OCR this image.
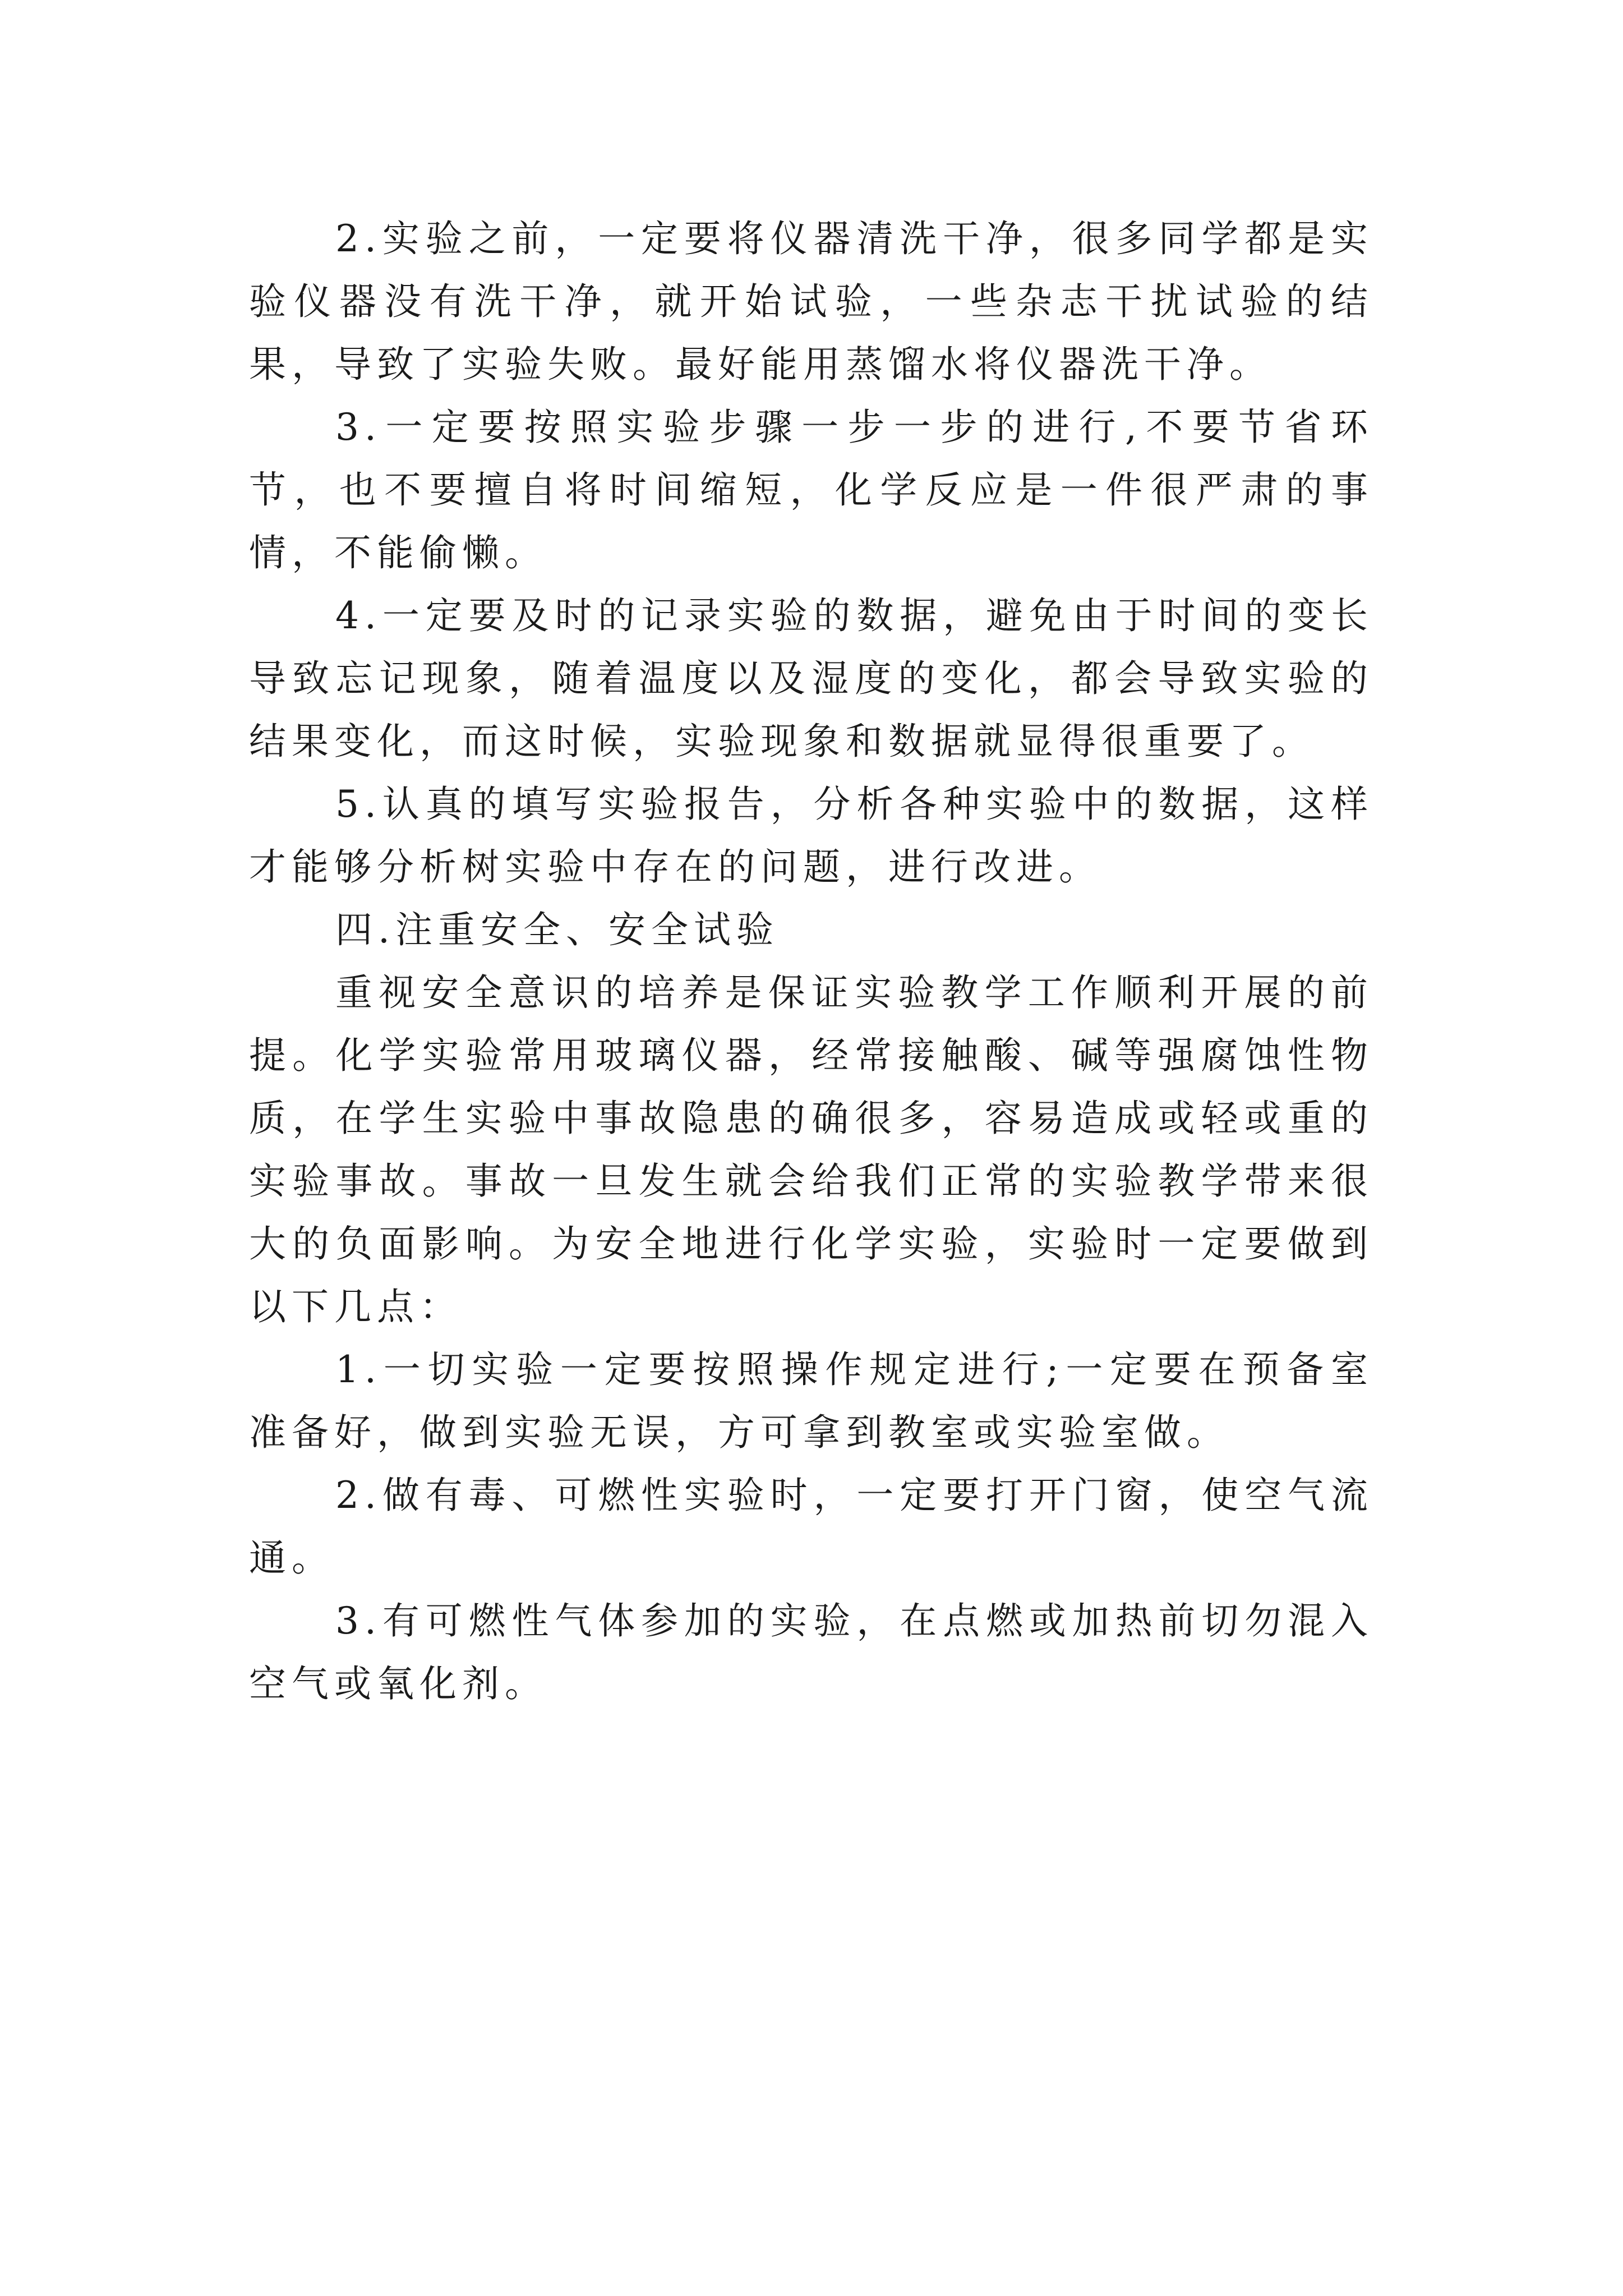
2.实验之前，一定要将仪器清洗干净，很多同学都是实验仪器没有洗干净，就开始试验，一些杂志干扰试验的结果，导致了实验失败。最好能用蒸馏水将仪器洗干净。

3.一定要按照实验步骤一步一步的进行,不要节省环节，也不要擅自将时间缩短，化学反应是一件很严肃的事情，不能偷懒。

4.一定要及时的记录实验的数据，避免由于时间的变长导致忘记现象，随着温度以及湿度的变化，都会导致实验的结果变化，而这时候，实验现象和数据就显得很重要了。

5.认真的填写实验报告，分析各种实验中的数据，这样才能够分析树实验中存在的问题，进行改进。

四.注重安全、安全试验

重视安全意识的培养是保证实验教学工作顺利开展的前提。化学实验常用玻璃仪器，经常接触酸、碱等强腐蚀性物质，在学生实验中事故隐患的确很多，容易造成或轻或重的实验事故。事故一旦发生就会给我们正常的实验教学带来很大的负面影响。为安全地进行化学实验，实验时一定要做到以下几点：

1.一切实验一定要按照操作规定进行;一定要在预备室准备好，做到实验无误，方可拿到教室或实验室做。

2.做有毒、可燃性实验时，一定要打开门窗，使空气流通。

3.有可燃性气体参加的实验，在点燃或加热前切勿混入空气或氧化剂。
